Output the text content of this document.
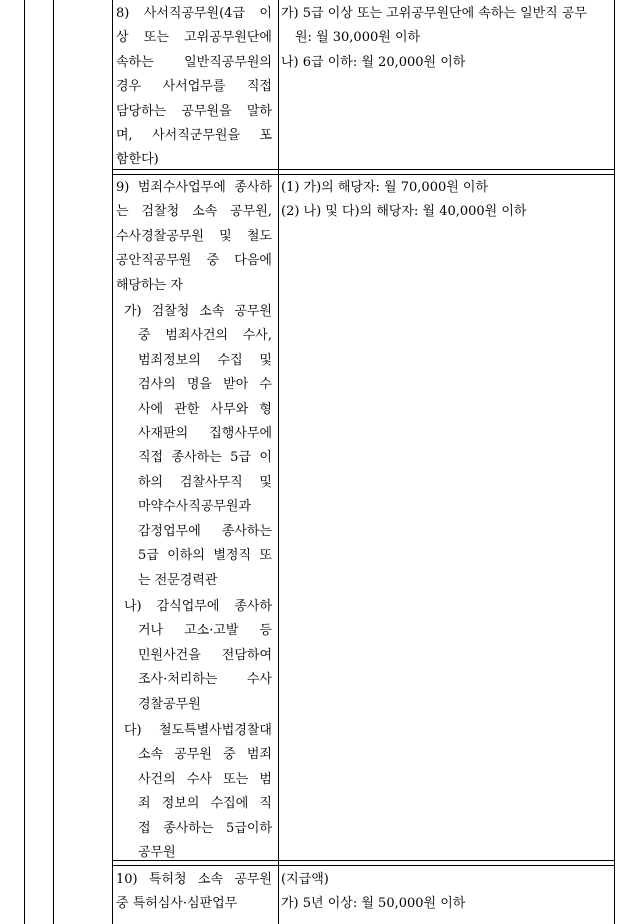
8) 사서직공무원(4급 이
상 또는 고위공무원단에
속하는 일반직공무원의
경우 사서업무를 직접
담당하는 공무원을 말하
며, 사서직군무원을 포
함한다)
가) 5급 이상 또는 고위공무원단에 속하는 일반직 공무
원: 월 30,000원 이하
나) 6급 이하: 월 20,000원 이하
9) 범죄수사업무에 종사하
는 검찰청 소속 공무원,
수사경찰공무원 및 철도
공안직공무원 중 다음에
해당하는 자
가) 검찰청 소속 공무원
중 범죄사건의 수사,
범죄정보의 수집 및
검사의 명을 받아 수
사에 관한 사무와 형
사재판의 집행사무에
직접 종사하는 5급 이
하의 검찰사무직 및
마약수사직공무원과
감정업무에 종사하는
5급 이하의 별정직 또
는 전문경력관
나) 감식업무에 종사하
거나 고소·고발 등
민원사건을 전담하여
조사·처리하는 수사
경찰공무원
다) 철도특별사법경찰대
소속 공무원 중 범죄
사건의 수사 또는 범
죄 정보의 수집에 직
접 종사하는 5급이하
공무원
(1) 가)의 해당자: 월 70,000원 이하
(2) 나) 및 다)의 해당자: 월 40,000원 이하
10) 특허청 소속 공무원
중 특허심사·심판업무
(지급액)
가) 5년 이상: 월 50,000원 이하
